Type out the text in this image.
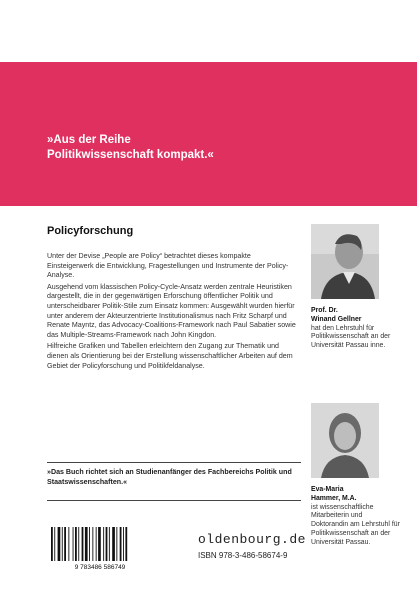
»Aus der Reihe
Politikwissenschaft kompakt.«
Policyforschung

Unter der Devise „People are Policy“ betrachtet dieses kompakte Einsteigerwerk die Entwicklung, Fragestellungen und Instrumente der Policy-Analyse.

Ausgehend vom klassischen Policy-Cycle-Ansatz werden zentrale Heuristiken dargestellt, die in der gegenwärtigen Erforschung öffentlicher Politik und unterscheidbarer Politik-Stile zum Einsatz kommen: Ausgewählt wurden hierfür unter anderem der Akteurzentrierte Institutionalismus nach Fritz Scharpf und Renate Mayntz, das Advocacy-Coalitions-Framework nach Paul Sabatier sowie das Multiple-Streams-Framework nach John Kingdon.

Hilfreiche Grafiken und Tabellen erleichtern den Zugang zur Thematik und dienen als Orientierung bei der Erstellung wissenschaftlicher Arbeiten auf dem Gebiet der Policyforschung und Politikfeldanalyse.

»Das Buch richtet sich an Studienanfänger des Fachbereichs Politik und Staatswissenschaften.«
Prof. Dr.
Winand Gellner
hat den Lehrstuhl für Politikwissenschaft an der Universität Passau inne.
Eva-Maria
Hammer, M.A.
ist wissenschaftliche Mitarbeiterin und Doktorandin am Lehrstuhl für Politikwissenschaft an der Universität Passau.
9 783486 586749
oldenbourg.de
ISBN 978-3-486-58674-9
